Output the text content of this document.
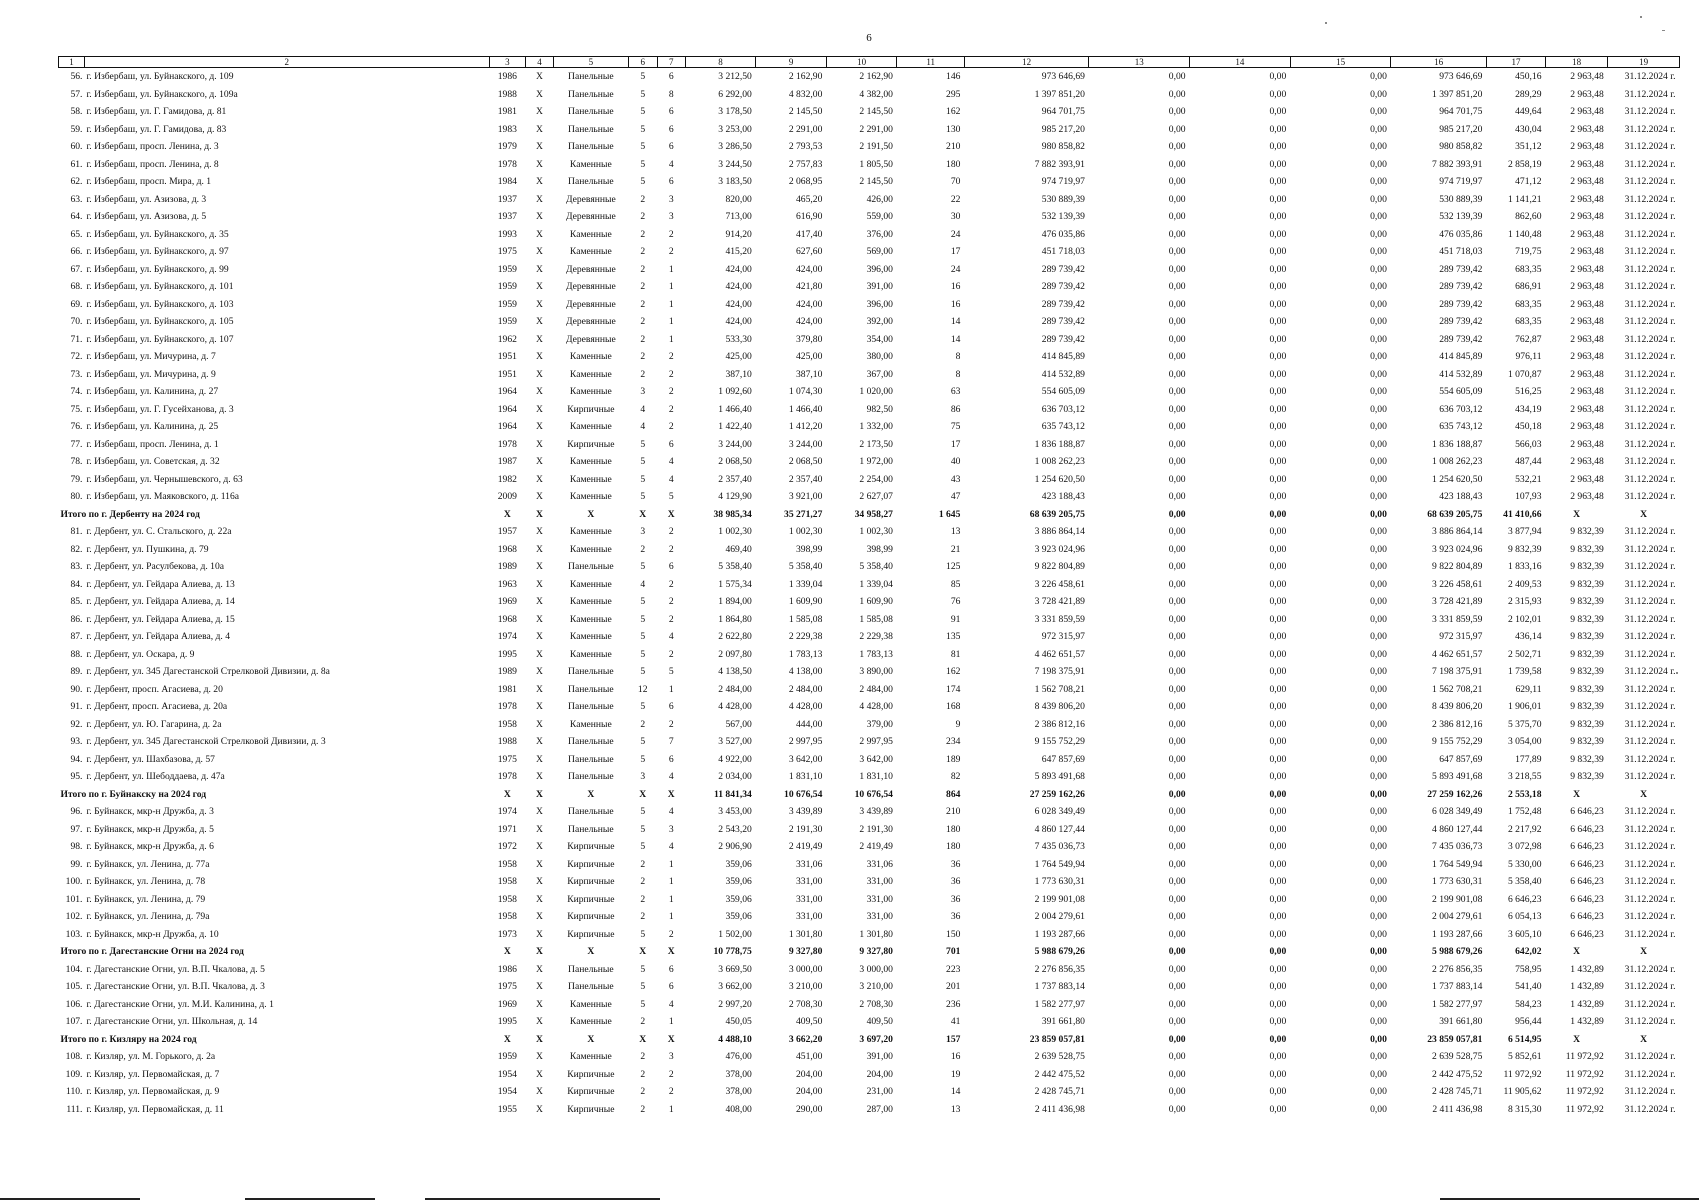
6
1	2	3	4	5	6	7	8	9	10	11	12	13	14	15	16	17	18	19
56.	г. Избербаш, ул. Буйнакского, д. 109	1986	X	Панельные	5	6	3 212,50	2 162,90	2 162,90	146	973 646,69	0,00	0,00	0,00	973 646,69	450,16	2 963,48	31.12.2024 г.
57.	г. Избербаш, ул. Буйнакского, д. 109а	1988	X	Панельные	5	8	6 292,00	4 832,00	4 382,00	295	1 397 851,20	0,00	0,00	0,00	1 397 851,20	289,29	2 963,48	31.12.2024 г.
58.	г. Избербаш, ул. Г. Гамидова, д. 81	1981	X	Панельные	5	6	3 178,50	2 145,50	2 145,50	162	964 701,75	0,00	0,00	0,00	964 701,75	449,64	2 963,48	31.12.2024 г.
59.	г. Избербаш, ул. Г. Гамидова, д. 83	1983	X	Панельные	5	6	3 253,00	2 291,00	2 291,00	130	985 217,20	0,00	0,00	0,00	985 217,20	430,04	2 963,48	31.12.2024 г.
60.	г. Избербаш, просп. Ленина, д. 3	1979	X	Панельные	5	6	3 286,50	2 793,53	2 191,50	210	980 858,82	0,00	0,00	0,00	980 858,82	351,12	2 963,48	31.12.2024 г.
61.	г. Избербаш, просп. Ленина, д. 8	1978	X	Каменные	5	4	3 244,50	2 757,83	1 805,50	180	7 882 393,91	0,00	0,00	0,00	7 882 393,91	2 858,19	2 963,48	31.12.2024 г.
62.	г. Избербаш, просп. Мира, д. 1	1984	X	Панельные	5	6	3 183,50	2 068,95	2 145,50	70	974 719,97	0,00	0,00	0,00	974 719,97	471,12	2 963,48	31.12.2024 г.
63.	г. Избербаш, ул. Азизова, д. 3	1937	X	Деревянные	2	3	820,00	465,20	426,00	22	530 889,39	0,00	0,00	0,00	530 889,39	1 141,21	2 963,48	31.12.2024 г.
64.	г. Избербаш, ул. Азизова, д. 5	1937	X	Деревянные	2	3	713,00	616,90	559,00	30	532 139,39	0,00	0,00	0,00	532 139,39	862,60	2 963,48	31.12.2024 г.
65.	г. Избербаш, ул. Буйнакского, д. 35	1993	X	Каменные	2	2	914,20	417,40	376,00	24	476 035,86	0,00	0,00	0,00	476 035,86	1 140,48	2 963,48	31.12.2024 г.
66.	г. Избербаш, ул. Буйнакского, д. 97	1975	X	Каменные	2	2	415,20	627,60	569,00	17	451 718,03	0,00	0,00	0,00	451 718,03	719,75	2 963,48	31.12.2024 г.
67.	г. Избербаш, ул. Буйнакского, д. 99	1959	X	Деревянные	2	1	424,00	424,00	396,00	24	289 739,42	0,00	0,00	0,00	289 739,42	683,35	2 963,48	31.12.2024 г.
68.	г. Избербаш, ул. Буйнакского, д. 101	1959	X	Деревянные	2	1	424,00	421,80	391,00	16	289 739,42	0,00	0,00	0,00	289 739,42	686,91	2 963,48	31.12.2024 г.
69.	г. Избербаш, ул. Буйнакского, д. 103	1959	X	Деревянные	2	1	424,00	424,00	396,00	16	289 739,42	0,00	0,00	0,00	289 739,42	683,35	2 963,48	31.12.2024 г.
70.	г. Избербаш, ул. Буйнакского, д. 105	1959	X	Деревянные	2	1	424,00	424,00	392,00	14	289 739,42	0,00	0,00	0,00	289 739,42	683,35	2 963,48	31.12.2024 г.
71.	г. Избербаш, ул. Буйнакского, д. 107	1962	X	Деревянные	2	1	533,30	379,80	354,00	14	289 739,42	0,00	0,00	0,00	289 739,42	762,87	2 963,48	31.12.2024 г.
72.	г. Избербаш, ул. Мичурина, д. 7	1951	X	Каменные	2	2	425,00	425,00	380,00	8	414 845,89	0,00	0,00	0,00	414 845,89	976,11	2 963,48	31.12.2024 г.
73.	г. Избербаш, ул. Мичурина, д. 9	1951	X	Каменные	2	2	387,10	387,10	367,00	8	414 532,89	0,00	0,00	0,00	414 532,89	1 070,87	2 963,48	31.12.2024 г.
74.	г. Избербаш, ул. Калинина, д. 27	1964	X	Каменные	3	2	1 092,60	1 074,30	1 020,00	63	554 605,09	0,00	0,00	0,00	554 605,09	516,25	2 963,48	31.12.2024 г.
75.	г. Избербаш, ул. Г. Гусейханова, д. 3	1964	X	Кирпичные	4	2	1 466,40	1 466,40	982,50	86	636 703,12	0,00	0,00	0,00	636 703,12	434,19	2 963,48	31.12.2024 г.
76.	г. Избербаш, ул. Калинина, д. 25	1964	X	Каменные	4	2	1 422,40	1 412,20	1 332,00	75	635 743,12	0,00	0,00	0,00	635 743,12	450,18	2 963,48	31.12.2024 г.
77.	г. Избербаш, просп. Ленина, д. 1	1978	X	Кирпичные	5	6	3 244,00	3 244,00	2 173,50	17	1 836 188,87	0,00	0,00	0,00	1 836 188,87	566,03	2 963,48	31.12.2024 г.
78.	г. Избербаш, ул. Советская, д. 32	1987	X	Каменные	5	4	2 068,50	2 068,50	1 972,00	40	1 008 262,23	0,00	0,00	0,00	1 008 262,23	487,44	2 963,48	31.12.2024 г.
79.	г. Избербаш, ул. Чернышевского, д. 63	1982	X	Каменные	5	4	2 357,40	2 357,40	2 254,00	43	1 254 620,50	0,00	0,00	0,00	1 254 620,50	532,21	2 963,48	31.12.2024 г.
80.	г. Избербаш, ул. Маяковского, д. 116а	2009	X	Каменные	5	5	4 129,90	3 921,00	2 627,07	47	423 188,43	0,00	0,00	0,00	423 188,43	107,93	2 963,48	31.12.2024 г.
Итого по г. Дербенту на 2024 год		X	X	X	X	X	38 985,34	35 271,27	34 958,27	1 645	68 639 205,75	0,00	0,00	0,00	68 639 205,75	41 410,66	X	X
81.	г. Дербент, ул. С. Стальского, д. 22а	1957	X	Каменные	3	2	1 002,30	1 002,30	1 002,30	13	3 886 864,14	0,00	0,00	0,00	3 886 864,14	3 877,94	9 832,39	31.12.2024 г.
82.	г. Дербент, ул. Пушкина, д. 79	1968	X	Каменные	2	2	469,40	398,99	398,99	21	3 923 024,96	0,00	0,00	0,00	3 923 024,96	9 832,39	9 832,39	31.12.2024 г.
83.	г. Дербент, ул. Расулбекова, д. 10а	1989	X	Панельные	5	6	5 358,40	5 358,40	5 358,40	125	9 822 804,89	0,00	0,00	0,00	9 822 804,89	1 833,16	9 832,39	31.12.2024 г.
84.	г. Дербент, ул. Гейдара Алиева, д. 13	1963	X	Каменные	4	2	1 575,34	1 339,04	1 339,04	85	3 226 458,61	0,00	0,00	0,00	3 226 458,61	2 409,53	9 832,39	31.12.2024 г.
85.	г. Дербент, ул. Гейдара Алиева, д. 14	1969	X	Каменные	5	2	1 894,00	1 609,90	1 609,90	76	3 728 421,89	0,00	0,00	0,00	3 728 421,89	2 315,93	9 832,39	31.12.2024 г.
86.	г. Дербент, ул. Гейдара Алиева, д. 15	1968	X	Каменные	5	2	1 864,80	1 585,08	1 585,08	91	3 331 859,59	0,00	0,00	0,00	3 331 859,59	2 102,01	9 832,39	31.12.2024 г.
87.	г. Дербент, ул. Гейдара Алиева, д. 4	1974	X	Каменные	5	4	2 622,80	2 229,38	2 229,38	135	972 315,97	0,00	0,00	0,00	972 315,97	436,14	9 832,39	31.12.2024 г.
88.	г. Дербент, ул. Оскара, д. 9	1995	X	Каменные	5	2	2 097,80	1 783,13	1 783,13	81	4 462 651,57	0,00	0,00	0,00	4 462 651,57	2 502,71	9 832,39	31.12.2024 г.
89.	г. Дербент, ул. 345 Дагестанской Стрелковой Дивизии, д. 8а	1989	X	Панельные	5	5	4 138,50	4 138,00	3 890,00	162	7 198 375,91	0,00	0,00	0,00	7 198 375,91	1 739,58	9 832,39	31.12.2024 г.
90.	г. Дербент, просп. Агасиева, д. 20	1981	X	Панельные	12	1	2 484,00	2 484,00	2 484,00	174	1 562 708,21	0,00	0,00	0,00	1 562 708,21	629,11	9 832,39	31.12.2024 г.
91.	г. Дербент, просп. Агасиева, д. 20а	1978	X	Панельные	5	6	4 428,00	4 428,00	4 428,00	168	8 439 806,20	0,00	0,00	0,00	8 439 806,20	1 906,01	9 832,39	31.12.2024 г.
92.	г. Дербент, ул. Ю. Гагарина, д. 2а	1958	X	Каменные	2	2	567,00	444,00	379,00	9	2 386 812,16	0,00	0,00	0,00	2 386 812,16	5 375,70	9 832,39	31.12.2024 г.
93.	г. Дербент, ул. 345 Дагестанской Стрелковой Дивизии, д. 3	1988	X	Панельные	5	7	3 527,00	2 997,95	2 997,95	234	9 155 752,29	0,00	0,00	0,00	9 155 752,29	3 054,00	9 832,39	31.12.2024 г.
94.	г. Дербент, ул. Шахбазова, д. 57	1975	X	Панельные	5	6	4 922,00	3 642,00	3 642,00	189	647 857,69	0,00	0,00	0,00	647 857,69	177,89	9 832,39	31.12.2024 г.
95.	г. Дербент, ул. Шебоддаева, д. 47а	1978	X	Панельные	3	4	2 034,00	1 831,10	1 831,10	82	5 893 491,68	0,00	0,00	0,00	5 893 491,68	3 218,55	9 832,39	31.12.2024 г.
Итого по г. Буйнакску на 2024 год		X	X	X	X	X	11 841,34	10 676,54	10 676,54	864	27 259 162,26	0,00	0,00	0,00	27 259 162,26	2 553,18	X	X
96.	г. Буйнакск, мкр-н Дружба, д. 3	1974	X	Панельные	5	4	3 453,00	3 439,89	3 439,89	210	6 028 349,49	0,00	0,00	0,00	6 028 349,49	1 752,48	6 646,23	31.12.2024 г.
97.	г. Буйнакск, мкр-н Дружба, д. 5	1971	X	Панельные	5	3	2 543,20	2 191,30	2 191,30	180	4 860 127,44	0,00	0,00	0,00	4 860 127,44	2 217,92	6 646,23	31.12.2024 г.
98.	г. Буйнакск, мкр-н Дружба, д. 6	1972	X	Кирпичные	5	4	2 906,90	2 419,49	2 419,49	180	7 435 036,73	0,00	0,00	0,00	7 435 036,73	3 072,98	6 646,23	31.12.2024 г.
99.	г. Буйнакск, ул. Ленина, д. 77а	1958	X	Кирпичные	2	1	359,06	331,06	331,06	36	1 764 549,94	0,00	0,00	0,00	1 764 549,94	5 330,00	6 646,23	31.12.2024 г.
100.	г. Буйнакск, ул. Ленина, д. 78	1958	X	Кирпичные	2	1	359,06	331,00	331,00	36	1 773 630,31	0,00	0,00	0,00	1 773 630,31	5 358,40	6 646,23	31.12.2024 г.
101.	г. Буйнакск, ул. Ленина, д. 79	1958	X	Кирпичные	2	1	359,06	331,00	331,00	36	2 199 901,08	0,00	0,00	0,00	2 199 901,08	6 646,23	6 646,23	31.12.2024 г.
102.	г. Буйнакск, ул. Ленина, д. 79а	1958	X	Кирпичные	2	1	359,06	331,00	331,00	36	2 004 279,61	0,00	0,00	0,00	2 004 279,61	6 054,13	6 646,23	31.12.2024 г.
103.	г. Буйнакск, мкр-н Дружба, д. 10	1973	X	Кирпичные	5	2	1 502,00	1 301,80	1 301,80	150	1 193 287,66	0,00	0,00	0,00	1 193 287,66	3 605,10	6 646,23	31.12.2024 г.
Итого по г. Дагестанские Огни на 2024 год		X	X	X	X	X	10 778,75	9 327,80	9 327,80	701	5 988 679,26	0,00	0,00	0,00	5 988 679,26	642,02	X	X
104.	г. Дагестанские Огни, ул. В.П. Чкалова, д. 5	1986	X	Панельные	5	6	3 669,50	3 000,00	3 000,00	223	2 276 856,35	0,00	0,00	0,00	2 276 856,35	758,95	1 432,89	31.12.2024 г.
105.	г. Дагестанские Огни, ул. В.П. Чкалова, д. 3	1975	X	Панельные	5	6	3 662,00	3 210,00	3 210,00	201	1 737 883,14	0,00	0,00	0,00	1 737 883,14	541,40	1 432,89	31.12.2024 г.
106.	г. Дагестанские Огни, ул. М.И. Калинина, д. 1	1969	X	Каменные	5	4	2 997,20	2 708,30	2 708,30	236	1 582 277,97	0,00	0,00	0,00	1 582 277,97	584,23	1 432,89	31.12.2024 г.
107.	г. Дагестанские Огни, ул. Школьная, д. 14	1995	X	Каменные	2	1	450,05	409,50	409,50	41	391 661,80	0,00	0,00	0,00	391 661,80	956,44	1 432,89	31.12.2024 г.
Итого по г. Кизляру на 2024 год		X	X	X	X	X	4 488,10	3 662,20	3 697,20	157	23 859 057,81	0,00	0,00	0,00	23 859 057,81	6 514,95	X	X
108.	г. Кизляр, ул. М. Горького, д. 2а	1959	X	Каменные	2	3	476,00	451,00	391,00	16	2 639 528,75	0,00	0,00	0,00	2 639 528,75	5 852,61	11 972,92	31.12.2024 г.
109.	г. Кизляр, ул. Первомайская, д. 7	1954	X	Кирпичные	2	2	378,00	204,00	204,00	19	2 442 475,52	0,00	0,00	0,00	2 442 475,52	11 972,92	11 972,92	31.12.2024 г.
110.	г. Кизляр, ул. Первомайская, д. 9	1954	X	Кирпичные	2	2	378,00	204,00	231,00	14	2 428 745,71	0,00	0,00	0,00	2 428 745,71	11 905,62	11 972,92	31.12.2024 г.
111.	г. Кизляр, ул. Первомайская, д. 11	1955	X	Кирпичные	2	1	408,00	290,00	287,00	13	2 411 436,98	0,00	0,00	0,00	2 411 436,98	8 315,30	11 972,92	31.12.2024 г.
